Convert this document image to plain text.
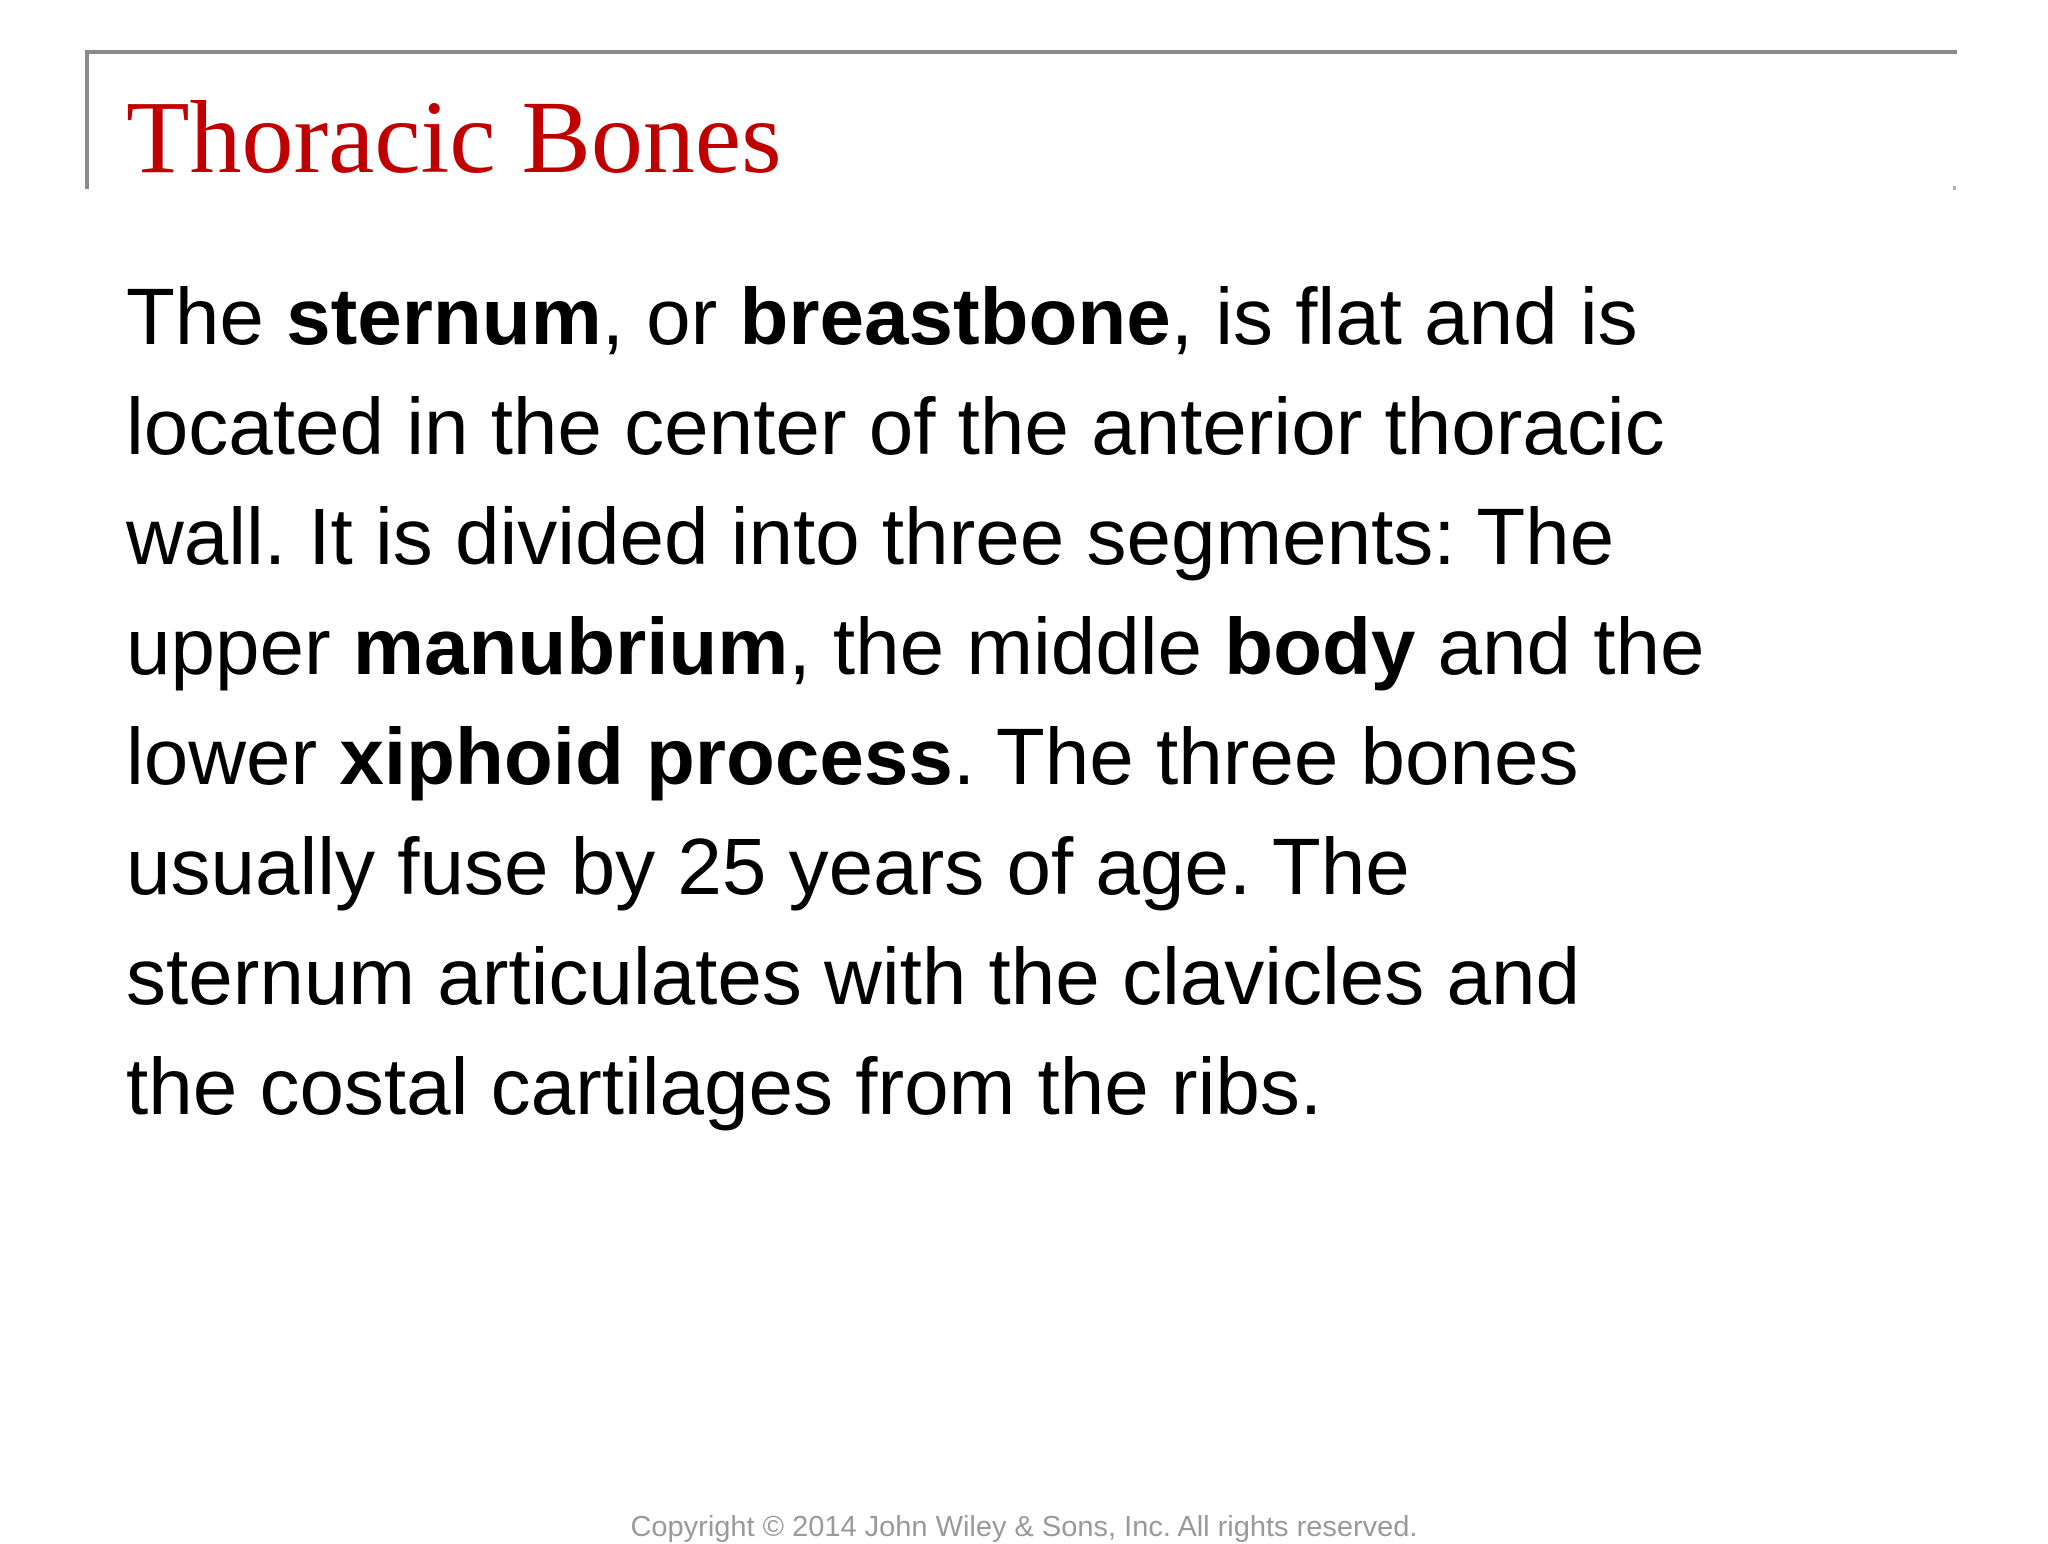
Thoracic Bones
The sternum, or breastbone, is flat and is
located in the center of the anterior thoracic
wall. It is divided into three segments: The
upper manubrium, the middle body and the
lower xiphoid process. The three bones
usually fuse by 25 years of age. The
sternum articulates with the clavicles and
the costal cartilages from the ribs.
Copyright © 2014 John Wiley & Sons, Inc. All rights reserved.
